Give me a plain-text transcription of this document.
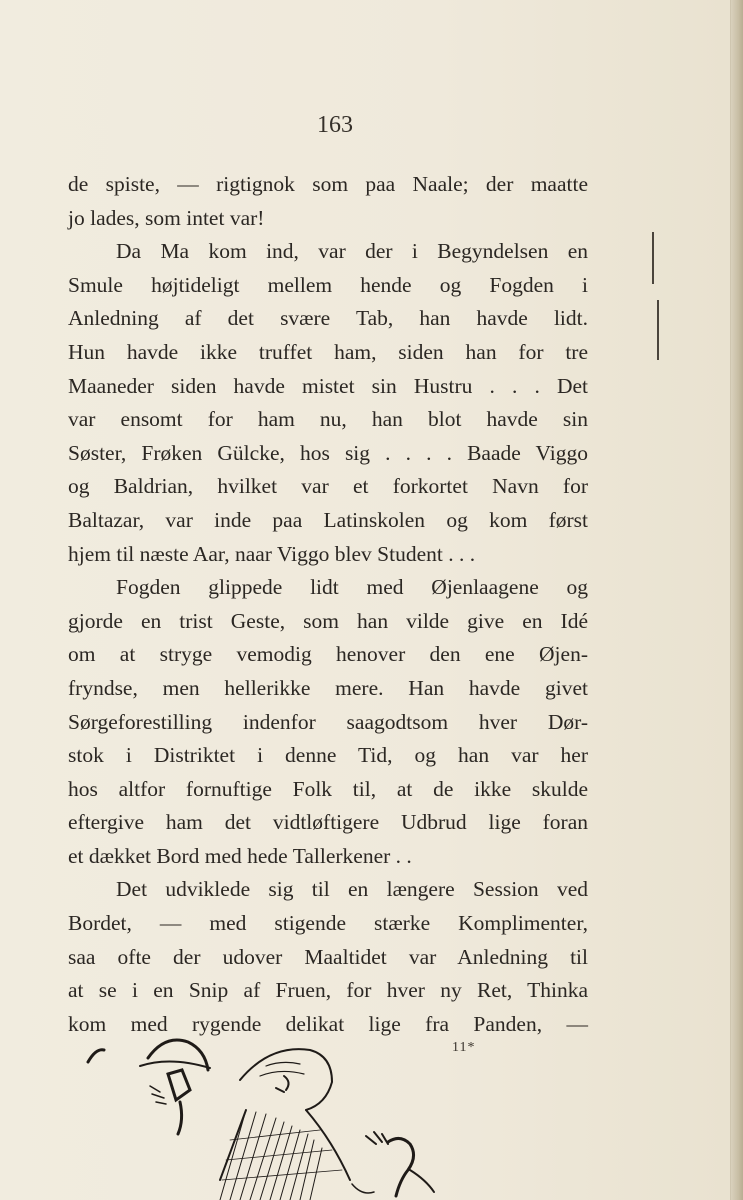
163
de spiste, — rigtignok som paa Naale; der maatte
jo lades, som intet var!
Da Ma kom ind, var der i Begyndelsen en
Smule højtideligt mellem hende og Fogden i
Anledning af det svære Tab, han havde lidt.
Hun havde ikke truffet ham, siden han for tre
Maaneder siden havde mistet sin Hustru . . . Det
var ensomt for ham nu, han blot havde sin
Søster, Frøken Gülcke, hos sig . . . . Baade Viggo
og Baldrian, hvilket var et forkortet Navn for
Baltazar, var inde paa Latinskolen og kom først
hjem til næste Aar, naar Viggo blev Student . . .
Fogden glippede lidt med Øjenlaagene og
gjorde en trist Geste, som han vilde give en Idé
om at stryge vemodig henover den ene Øjen-
fryndse, men hellerikke mere. Han havde givet
Sørgeforestilling indenfor saagodtsom hver Dør-
stok i Distriktet i denne Tid, og han var her
hos altfor fornuftige Folk til, at de ikke skulde
eftergive ham det vidtløftigere Udbrud lige foran
et dækket Bord med hede Tallerkener . .
Det udviklede sig til en længere Session ved
Bordet, — med stigende stærke Komplimenter,
saa ofte der udover Maaltidet var Anledning til
at se i en Snip af Fruen, for hver ny Ret, Thinka
kom med rygende delikat lige fra Panden, —
11*
